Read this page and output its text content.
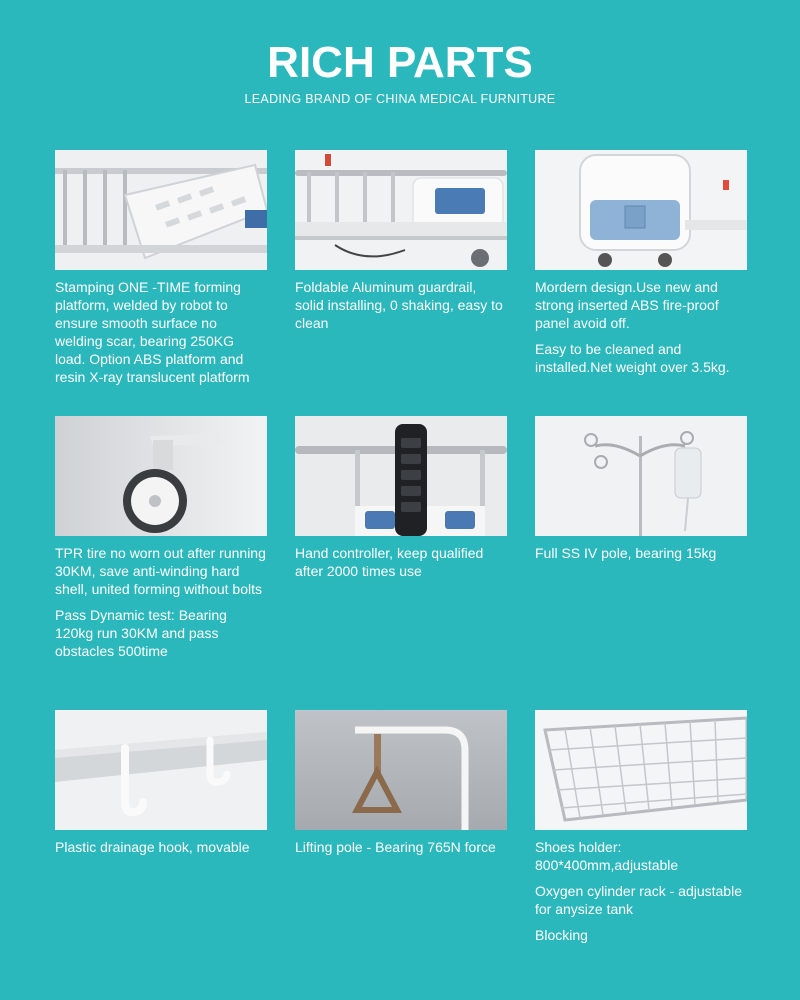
RICH PARTS
LEADING BRAND OF CHINA MEDICAL FURNITURE

Stamping ONE -TIME forming platform, welded by robot to ensure smooth surface no welding scar, bearing 250KG load. Option ABS platform and resin X-ray translucent platform

Foldable Aluminum guardrail, solid installing, 0 shaking, easy to clean

Mordern design.Use new and strong inserted ABS fire-proof panel avoid off.

Easy to be cleaned and installed.Net weight over 3.5kg.

TPR tire no worn out after running 30KM, save anti-winding hard shell, united forming without bolts

Pass Dynamic test: Bearing 120kg run 30KM and pass obstacles 500time

Hand controller, keep qualified after 2000 times use

Full SS IV pole, bearing 15kg

Plastic drainage hook, movable	Lifting pole - Bearing 765N force	Shoes holder: 800*400mm,adjustable

Oxygen cylinder rack - adjustable for anysize tank

Blocking
